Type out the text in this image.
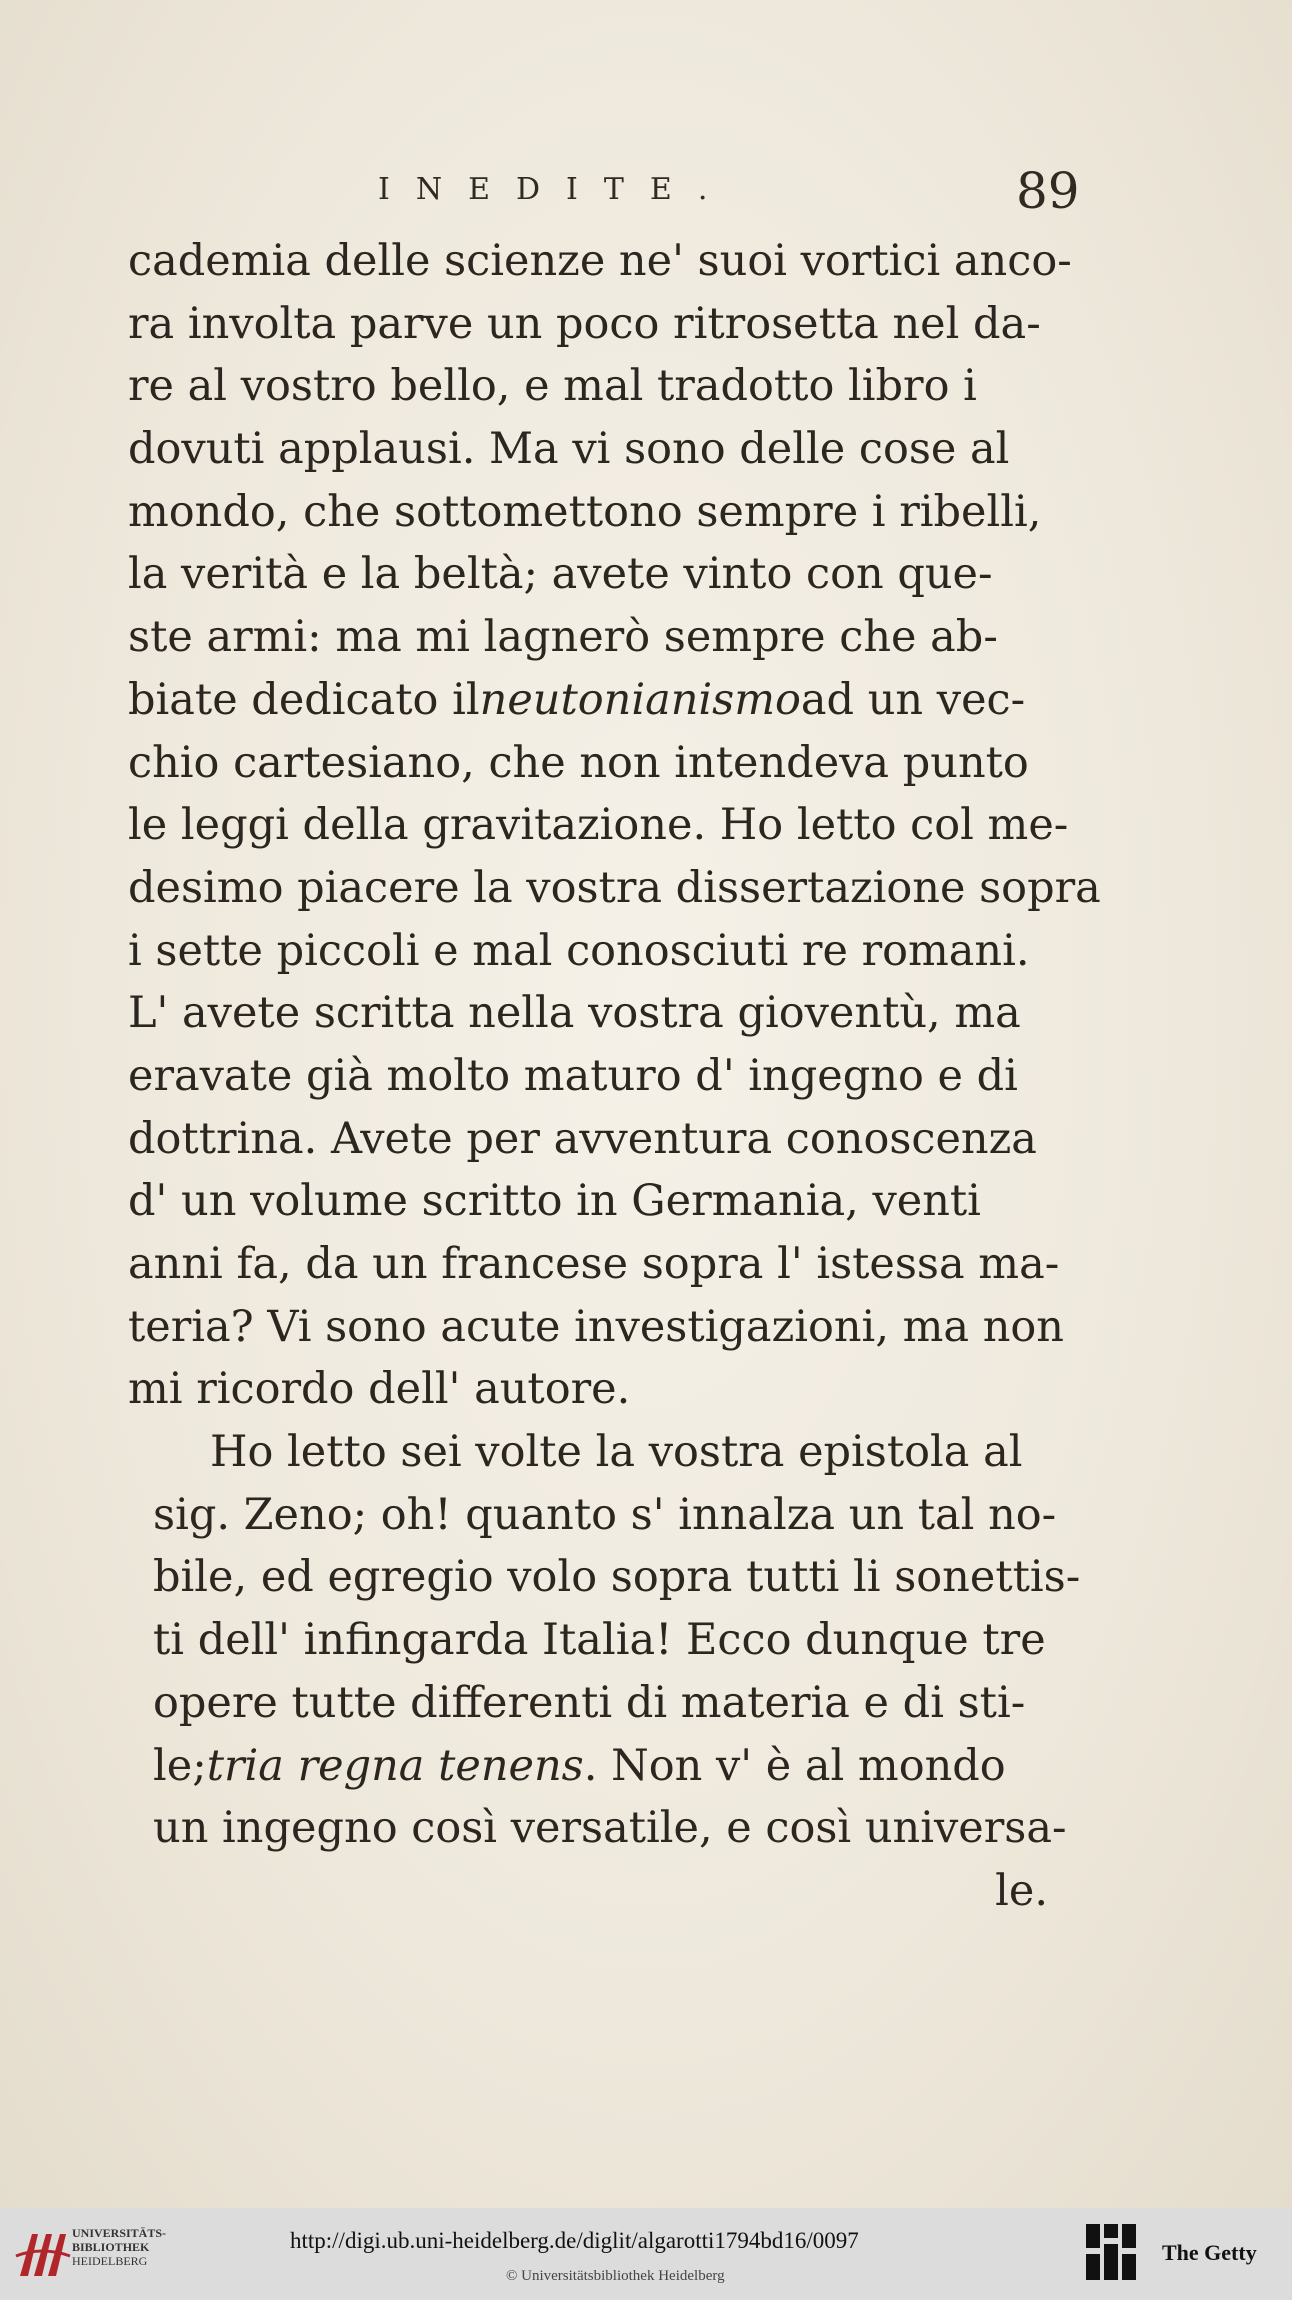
INEDITE.	89
cademia delle scienze ne' suoi vortici anco-
ra involta parve un poco ritrosetta nel da-
re al vostro bello, e mal tradotto libro i
dovuti applausi. Ma vi sono delle cose al
mondo, che sottomettono sempre i ribelli,
la verità e la beltà; avete vinto con que-
ste armi: ma mi lagnerò sempre che ab-
biate dedicato il neutonianismo ad un vec-
chio cartesiano, che non intendeva punto
le leggi della gravitazione. Ho letto col me-
desimo piacere la vostra dissertazione sopra
i sette piccoli e mal conosciuti re romani.
L' avete scritta nella vostra gioventù, ma
eravate già molto maturo d' ingegno e di
dottrina. Avete per avventura conoscenza
d' un volume scritto in Germania, venti
anni fa, da un francese sopra l' istessa ma-
teria? Vi sono acute investigazioni, ma non
mi ricordo dell' autore.
Ho letto sei volte la vostra epistola al
sig. Zeno; oh! quanto s' innalza un tal no-
bile, ed egregio volo sopra tutti li sonettis-
ti dell' infingarda Italia! Ecco dunque tre
opere tutte differenti di materia e di sti-
le; tria regna tenens . Non v' è al mondo
un ingegno così versatile, e così universa-
le.
UNIVERSITÄTS-
BIBLIOTHEK
HEIDELBERG
http://digi.ub.uni-heidelberg.de/diglit/algarotti1794bd16/0097
© Universitätsbibliothek Heidelberg
The Getty
